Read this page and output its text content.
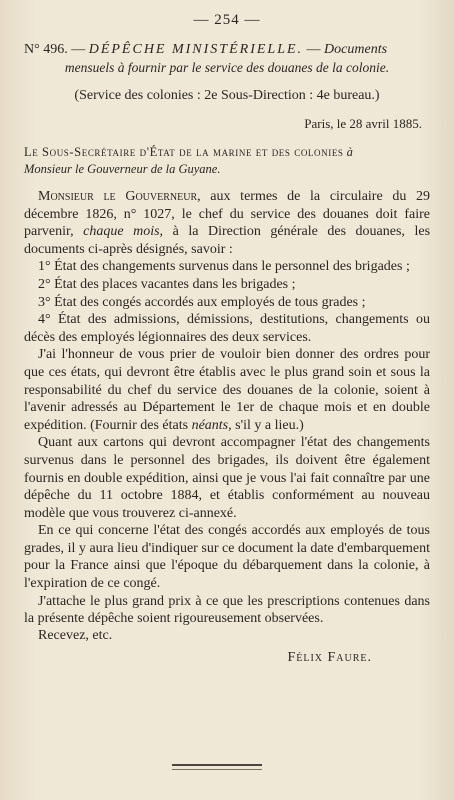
— 254 —

N° 496. — DÉPÊCHE MINISTÉRIELLE. — Documents

mensuels à fournir par le service des douanes de la colonie.

(Service des colonies : 2e Sous-Direction : 4e bureau.)

Paris, le 28 avril 1885.

Le Sous-Secrétaire d'État de la marine et des colonies à
Monsieur le Gouverneur de la Guyane.

Monsieur le Gouverneur, aux termes de la circulaire du 29 décembre 1826, n° 1027, le chef du service des douanes doit faire parvenir, chaque mois, à la Direction générale des douanes, les documents ci-après désignés, savoir :

1° État des changements survenus dans le personnel des brigades ;

2° État des places vacantes dans les brigades ;

3° État des congés accordés aux employés de tous grades ;

4° État des admissions, démissions, destitutions, changements ou décès des employés légionnaires des deux services.

J'ai l'honneur de vous prier de vouloir bien donner des ordres pour que ces états, qui devront être établis avec le plus grand soin et sous la responsabilité du chef du service des douanes de la colonie, soient à l'avenir adressés au Département le 1er de chaque mois et en double expédition. (Fournir des états néants, s'il y a lieu.)

Quant aux cartons qui devront accompagner l'état des changements survenus dans le personnel des brigades, ils doivent être également fournis en double expédition, ainsi que je vous l'ai fait connaître par une dépêche du 11 octobre 1884, et établis conformément au nouveau modèle que vous trouverez ci-annexé.

En ce qui concerne l'état des congés accordés aux employés de tous grades, il y aura lieu d'indiquer sur ce document la date d'embarquement pour la France ainsi que l'époque du débarquement dans la colonie, à l'expiration de ce congé.

J'attache le plus grand prix à ce que les prescriptions contenues dans la présente dépêche soient rigoureusement observées.

Recevez, etc.

Félix Faure.
